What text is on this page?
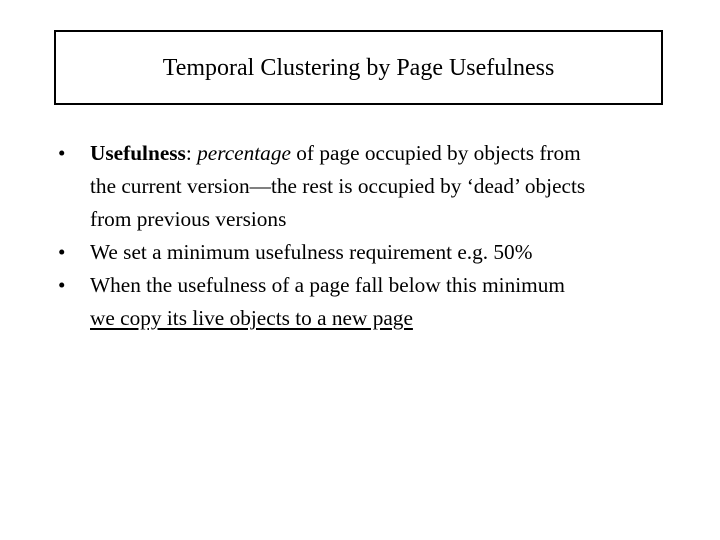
Temporal Clustering by Page Usefulness
•	Usefulness: percentage of page occupied by objects from
the current version—the rest is occupied by ‘dead’ objects
from previous versions
•	We set a minimum usefulness requirement e.g. 50%
•	When the usefulness of a page fall below this minimum
we copy its live objects to a new page
